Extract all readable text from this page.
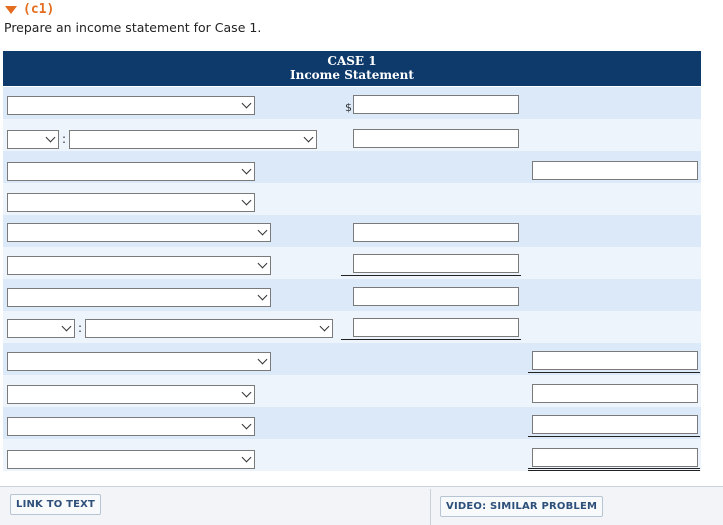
(c1)
Prepare an income statement for Case 1.
CASE 1
Income Statement
$
:
:
LINK TO TEXT	VIDEO: SIMILAR PROBLEM
